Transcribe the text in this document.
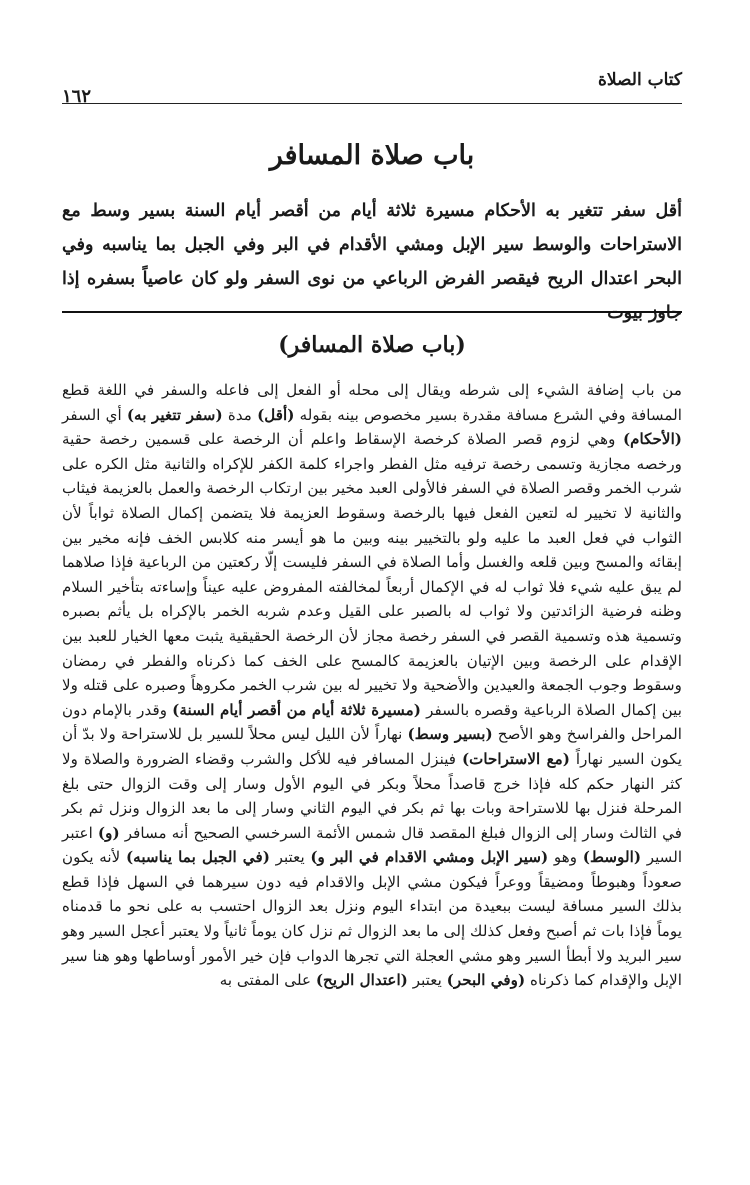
كتاب الصلاة
١٦٢
باب صلاة المسافر
أقل سفر تتغير به الأحكام مسيرة ثلاثة أيام من أقصر أيام السنة بسير وسط مع الاستراحات والوسط سير الإبل ومشي الأقدام في البر وفي الجبل بما يناسبه وفي البحر اعتدال الريح فيقصر الفرض الرباعي من نوى السفر ولو كان عاصياً بسفره إذا جاوز بيوت
(باب صلاة المسافر)

من باب إضافة الشيء إلى شرطه ويقال إلى محله أو الفعل إلى فاعله والسفر في اللغة قطع المسافة وفي الشرع مسافة مقدرة بسير مخصوص بينه بقوله (أقل) مدة (سفر تتغير به) أي السفر (الأحكام) وهي لزوم قصر الصلاة كرخصة الإسقاط واعلم أن الرخصة على قسمين رخصة حقية ورخصه مجازية وتسمى رخصة ترفيه مثل الفطر واجراء كلمة الكفر للإكراه والثانية مثل الكره على شرب الخمر وقصر الصلاة في السفر فالأولى العبد مخير بين ارتكاب الرخصة والعمل بالعزيمة فيثاب والثانية لا تخيير له لتعين الفعل فيها بالرخصة وسقوط العزيمة فلا يتضمن إكمال الصلاة ثواباً لأن الثواب في فعل العبد ما عليه ولو بالتخيير بينه وبين ما هو أيسر منه كلابس الخف فإنه مخير بين إبقائه والمسح وبين قلعه والغسل وأما الصلاة في السفر فليست إلّا ركعتين من الرباعية فإذا صلاهما لم يبق عليه شيء فلا ثواب له في الإكمال أربعاً لمخالفته المفروض عليه عيناً وإساءته بتأخير السلام وظنه فرضية الزائدتين ولا ثواب له بالصبر على القيل وعدم شربه الخمر بالإكراه بل يأثم بصبره وتسمية هذه وتسمية القصر في السفر رخصة مجاز لأن الرخصة الحقيقية يثبت معها الخيار للعبد بين الإقدام على الرخصة وبين الإتيان بالعزيمة كالمسح على الخف كما ذكرناه والفطر في رمضان وسقوط وجوب الجمعة والعيدين والأضحية ولا تخيير له بين شرب الخمر مكروهاً وصبره على قتله ولا بين إكمال الصلاة الرباعية وقصره بالسفر (مسيرة ثلاثة أيام من أقصر أيام السنة) وقدر بالإمام دون المراحل والفراسخ وهو الأصح (بسير وسط) نهاراً لأن الليل ليس محلاً للسير بل للاستراحة ولا بدّ أن يكون السير نهاراً (مع الاستراحات) فينزل المسافر فيه للأكل والشرب وقضاء الضرورة والصلاة ولا كثر النهار حكم كله فإذا خرج قاصداً محلاً وبكر في اليوم الأول وسار إلى وقت الزوال حتى بلغ المرحلة فنزل بها للاستراحة وبات بها ثم بكر في اليوم الثاني وسار إلى ما بعد الزوال ونزل ثم بكر في الثالث وسار إلى الزوال فبلغ المقصد قال شمس الأئمة السرخسي الصحيح أنه مسافر (و) اعتبر السير (الوسط) وهو (سير الإبل ومشي الاقدام في البر و) يعتبر (في الجبل بما يناسبه) لأنه يكون صعوداً وهبوطاً ومضيقاً ووعراً فيكون مشي الإبل والاقدام فيه دون سيرهما في السهل فإذا قطع بذلك السير مسافة ليست ببعيدة من ابتداء اليوم ونزل بعد الزوال احتسب به على نحو ما قدمناه يوماً فإذا بات ثم أصبح وفعل كذلك إلى ما بعد الزوال ثم نزل كان يوماً ثانياً ولا يعتبر أعجل السير وهو سير البريد ولا أبطأ السير وهو مشي العجلة التي تجرها الدواب فإن خير الأمور أوساطها وهو هنا سير الإبل والإقدام كما ذكرناه (وفي البحر) يعتبر (اعتدال الريح) على المفتى به
